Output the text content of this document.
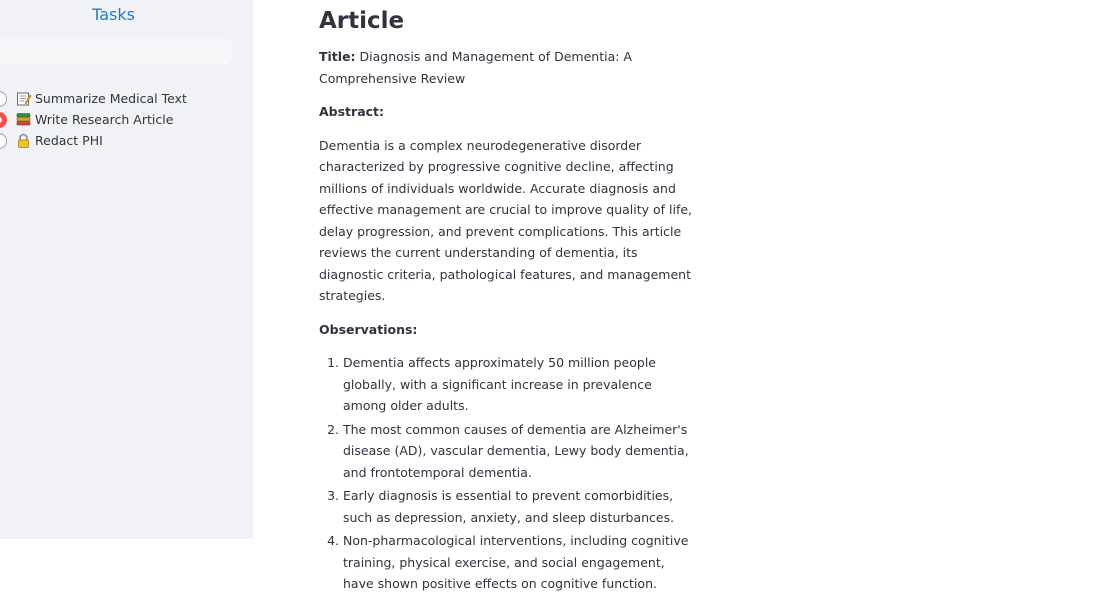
Tasks
Summarize Medical Text
Write Research Article
Redact PHI
Article

Title: Diagnosis and Management of Dementia: A Comprehensive Review

Abstract:

Dementia is a complex neurodegenerative disorder characterized by progressive cognitive decline, affecting millions of individuals worldwide. Accurate diagnosis and effective management are crucial to improve quality of life, delay progression, and prevent complications. This article reviews the current understanding of dementia, its diagnostic criteria, pathological features, and management strategies.

Observations:

1. Dementia affects approximately 50 million people globally, with a significant increase in prevalence among older adults.
2. The most common causes of dementia are Alzheimer's disease (AD), vascular dementia, Lewy body dementia, and frontotemporal dementia.
3. Early diagnosis is essential to prevent comorbidities, such as depression, anxiety, and sleep disturbances.
4. Non-pharmacological interventions, including cognitive training, physical exercise, and social engagement, have shown positive effects on cognitive function.
